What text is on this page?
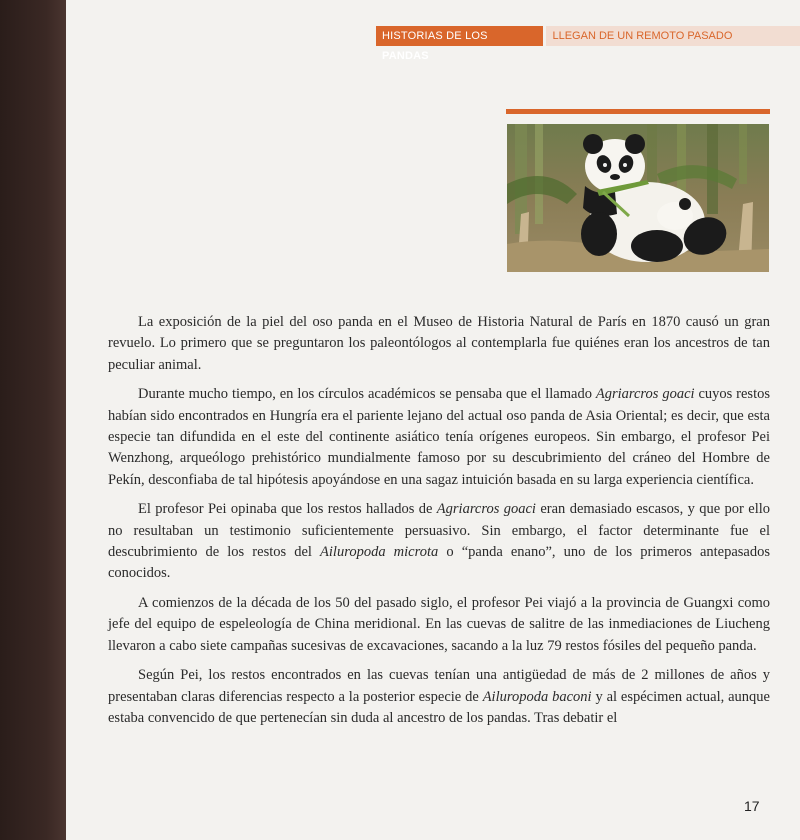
HISTORIAS DE LOS PANDAS
LLEGAN DE UN REMOTO PASADO

La exposición de la piel del oso panda en el Museo de Historia Natural de París en 1870 causó un gran revuelo. Lo primero que se preguntaron los paleontólogos al contemplarla fue quiénes eran los ancestros de tan peculiar animal.

Durante mucho tiempo, en los círculos académicos se pensaba que el llamado Agriarcros goaci cuyos restos habían sido encontrados en Hungría era el pariente lejano del actual oso panda de Asia Oriental; es decir, que esta especie tan difundida en el este del continente asiático tenía orígenes europeos. Sin embargo, el profesor Pei Wenzhong, arqueólogo prehistórico mundialmente famoso por su descubrimiento del cráneo del Hombre de Pekín, desconfiaba de tal hipótesis apoyándose en una sagaz intuición basada en su larga experiencia científica.

El profesor Pei opinaba que los restos hallados de Agriarcros goaci eran demasiado escasos, y que por ello no resultaban un testimonio suficientemente persuasivo. Sin embargo, el factor determinante fue el descubrimiento de los restos del Ailuropoda microta o “panda enano”, uno de los primeros antepasados conocidos.

A comienzos de la década de los 50 del pasado siglo, el profesor Pei viajó a la provincia de Guangxi como jefe del equipo de espeleología de China meridional. En las cuevas de salitre de las inmediaciones de Liucheng llevaron a cabo siete campañas sucesivas de excavaciones, sacando a la luz 79 restos fósiles del pequeño panda.

Según Pei, los restos encontrados en las cuevas tenían una antigüedad de más de 2 millones de años y presentaban claras diferencias respecto a la posterior especie de Ailuropoda baconi y al espécimen actual, aunque estaba convencido de que pertenecían sin duda al ancestro de los pandas. Tras debatir el

17
